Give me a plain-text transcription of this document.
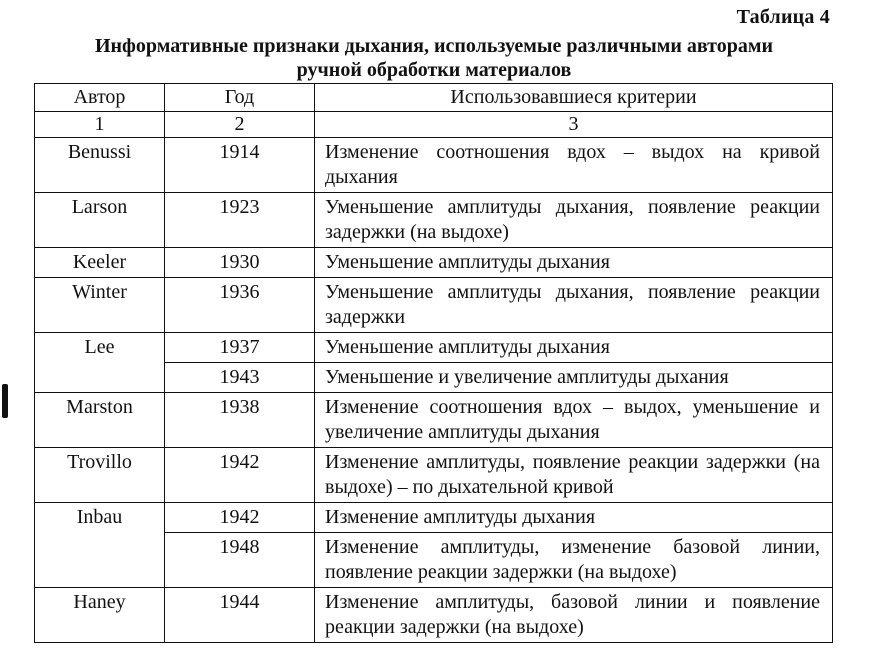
Таблица 4
Информативные признаки дыхания, используемые различными авторами
ручной обработки материалов
Автор	Год	Использовавшиеся критерии
1	2	3
Benussi	1914	Изменение соотношения вдох – выдох на кривой дыхания
Larson	1923	Уменьшение амплитуды дыхания, появление реакции задержки (на выдохе)
Keeler	1930	Уменьшение амплитуды дыхания
Winter	1936	Уменьшение амплитуды дыхания, появление реакции задержки
Lee	1937	Уменьшение амплитуды дыхания
	1943	Уменьшение и увеличение амплитуды дыхания
Marston	1938	Изменение соотношения вдох – выдох, уменьшение и увеличение амплитуды дыхания
Trovillo	1942	Изменение амплитуды, появление реакции задержки (на выдохе) – по дыхательной кривой
Inbau	1942	Изменение амплитуды дыхания
	1948	Изменение амплитуды, изменение базовой линии, появление реакции задержки (на выдохе)
Haney	1944	Изменение амплитуды, базовой линии и появление реакции задержки (на выдохе)
